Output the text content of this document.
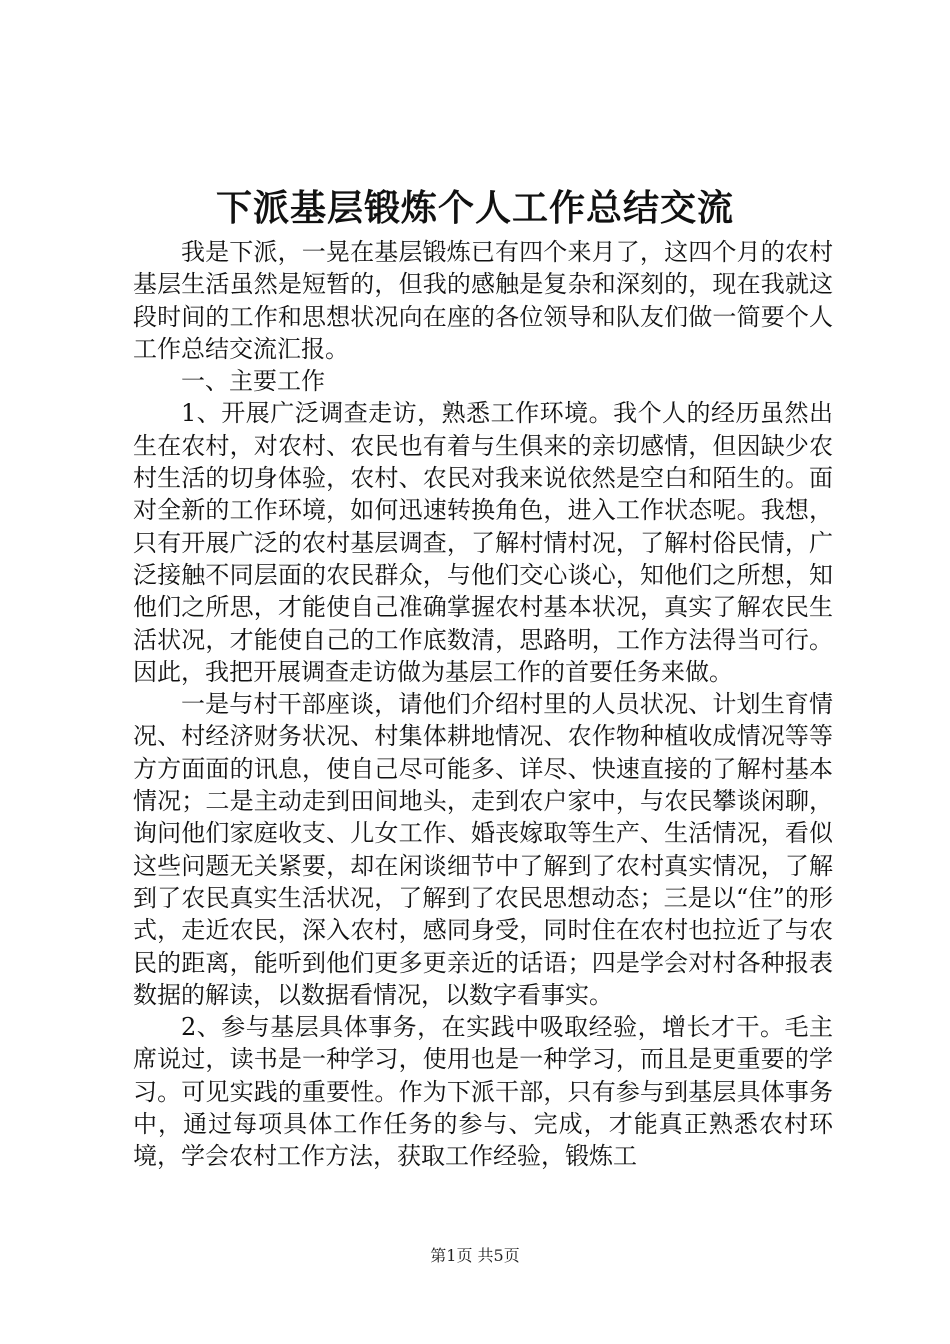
下派基层锻炼个人工作总结交流

我是下派，一晃在基层锻炼已有四个来月了，这四个月的农村基层生活虽然是短暂的，但我的感触是复杂和深刻的，现在我就这段时间的工作和思想状况向在座的各位领导和队友们做一简要个人工作总结交流汇报。

一、主要工作

1、开展广泛调查走访，熟悉工作环境。我个人的经历虽然出生在农村，对农村、农民也有着与生俱来的亲切感情，但因缺少农村生活的切身体验，农村、农民对我来说依然是空白和陌生的。面对全新的工作环境，如何迅速转换角色，进入工作状态呢。我想，只有开展广泛的农村基层调查，了解村情村况，了解村俗民情，广泛接触不同层面的农民群众，与他们交心谈心，知他们之所想，知他们之所思，才能使自己准确掌握农村基本状况，真实了解农民生活状况，才能使自己的工作底数清，思路明，工作方法得当可行。因此，我把开展调查走访做为基层工作的首要任务来做。

一是与村干部座谈，请他们介绍村里的人员状况、计划生育情况、村经济财务状况、村集体耕地情况、农作物种植收成情况等等方方面面的讯息，使自己尽可能多、详尽、快速直接的了解村基本情况；二是主动走到田间地头，走到农户家中，与农民攀谈闲聊，询问他们家庭收支、儿女工作、婚丧嫁取等生产、生活情况，看似这些问题无关紧要，却在闲谈细节中了解到了农村真实情况，了解到了农民真实生活状况，了解到了农民思想动态；三是以“住”的形式，走近农民，深入农村，感同身受，同时住在农村也拉近了与农民的距离，能听到他们更多更亲近的话语；四是学会对村各种报表数据的解读，以数据看情况，以数字看事实。

2、参与基层具体事务，在实践中吸取经验，增长才干。毛主席说过，读书是一种学习，使用也是一种学习，而且是更重要的学习。可见实践的重要性。作为下派干部，只有参与到基层具体事务中，通过每项具体工作任务的参与、完成，才能真正熟悉农村环境，学会农村工作方法，获取工作经验，锻炼工

第1页 共5页
